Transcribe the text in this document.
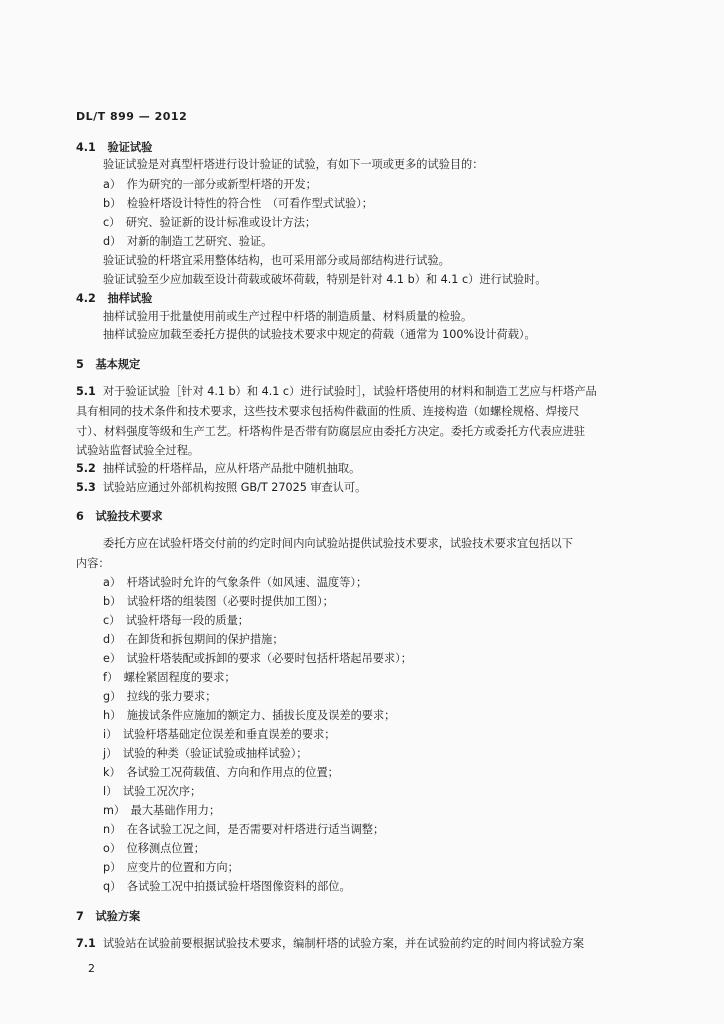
DL/T 899 — 2012
4.1 验证试验
验证试验是对真型杆塔进行设计验证的试验，有如下一项或更多的试验目的：
a）　作为研究的一部分或新型杆塔的开发；
b）　检验杆塔设计特性的符合性　（可看作型式试验）；
c）　研究、验证新的设计标准或设计方法；
d）　对新的制造工艺研究、验证。
验证试验的杆塔宜采用整体结构，也可采用部分或局部结构进行试验。
验证试验至少应加载至设计荷载或破坏荷载，特别是针对 4.1 b）和 4.1 c）进行试验时。
4.2 抽样试验
抽样试验用于批量使用前或生产过程中杆塔的制造质量、材料质量的检验。
抽样试验应加载至委托方提供的试验技术要求中规定的荷载（通常为 100%设计荷载）。
5 基本规定
5.1 对于验证试验［针对 4.1 b）和 4.1 c）进行试验时］，试验杆塔使用的材料和制造工艺应与杆塔产品
具有相同的技术条件和技术要求，这些技术要求包括构件截面的性质、连接构造（如螺栓规格、焊接尺
寸）、材料强度等级和生产工艺。杆塔构件是否带有防腐层应由委托方决定。委托方或委托方代表应进驻
试验站监督试验全过程。
5.2 抽样试验的杆塔样品，应从杆塔产品批中随机抽取。
5.3 试验站应通过外部机构按照 GB/T 27025 审查认可。
6 试验技术要求
委托方应在试验杆塔交付前的约定时间内向试验站提供试验技术要求，试验技术要求宜包括以下
内容：
a）　杆塔试验时允许的气象条件（如风速、温度等）；
b）　试验杆塔的组装图（必要时提供加工图）；
c）　试验杆塔每一段的质量；
d）　在卸货和拆包期间的保护措施；
e）　试验杆塔装配或拆卸的要求（必要时包括杆塔起吊要求）；
f）　螺栓紧固程度的要求；
g）　拉线的张力要求；
h）　施拔试条件应施加的额定力、插拔长度及误差的要求；
i）　试验杆塔基础定位误差和垂直误差的要求；
j）　试验的种类（验证试验或抽样试验）；
k）　各试验工况荷载值、方向和作用点的位置；
l）　试验工况次序；
m）　最大基础作用力；
n）　在各试验工况之间，是否需要对杆塔进行适当调整；
o）　位移测点位置；
p）　应变片的位置和方向；
q）　各试验工况中拍摄试验杆塔图像资料的部位。
7 试验方案
7.1 试验站在试验前要根据试验技术要求，编制杆塔的试验方案，并在试验前约定的时间内将试验方案
2
